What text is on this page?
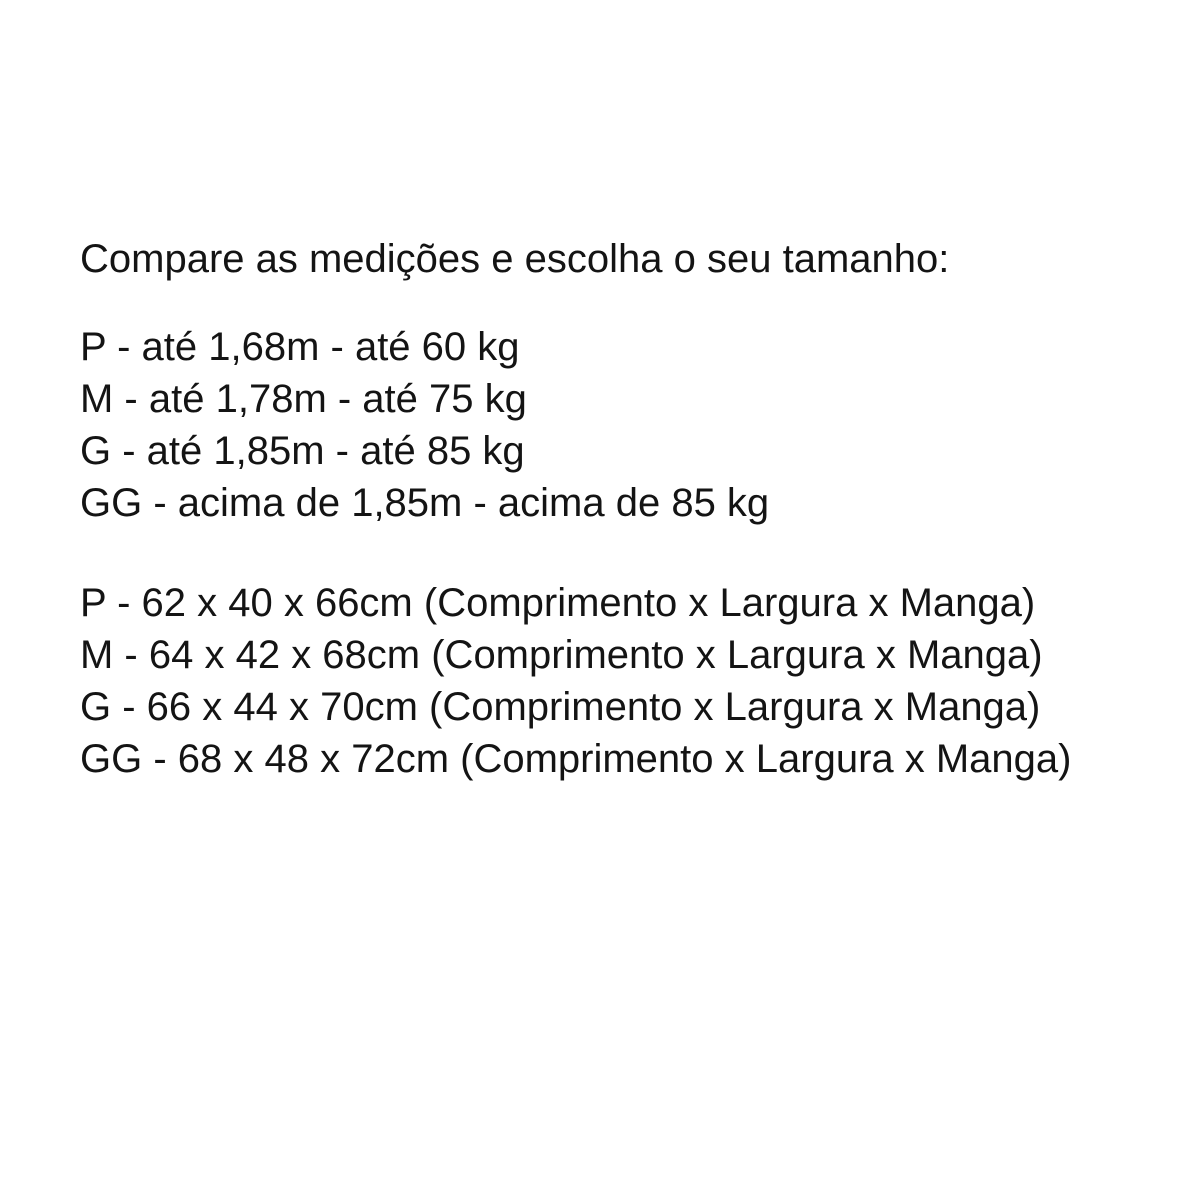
Compare as medições e escolha o seu tamanho:
P - até 1,68m - até 60 kg
M - até 1,78m - até 75 kg
G - até 1,85m - até 85 kg
GG - acima de 1,85m - acima de 85 kg
P - 62 x 40 x 66cm (Comprimento x Largura x Manga)
M - 64 x 42 x 68cm (Comprimento x Largura x Manga)
G - 66 x 44 x 70cm (Comprimento x Largura x Manga)
GG - 68 x 48 x 72cm (Comprimento x Largura x Manga)
